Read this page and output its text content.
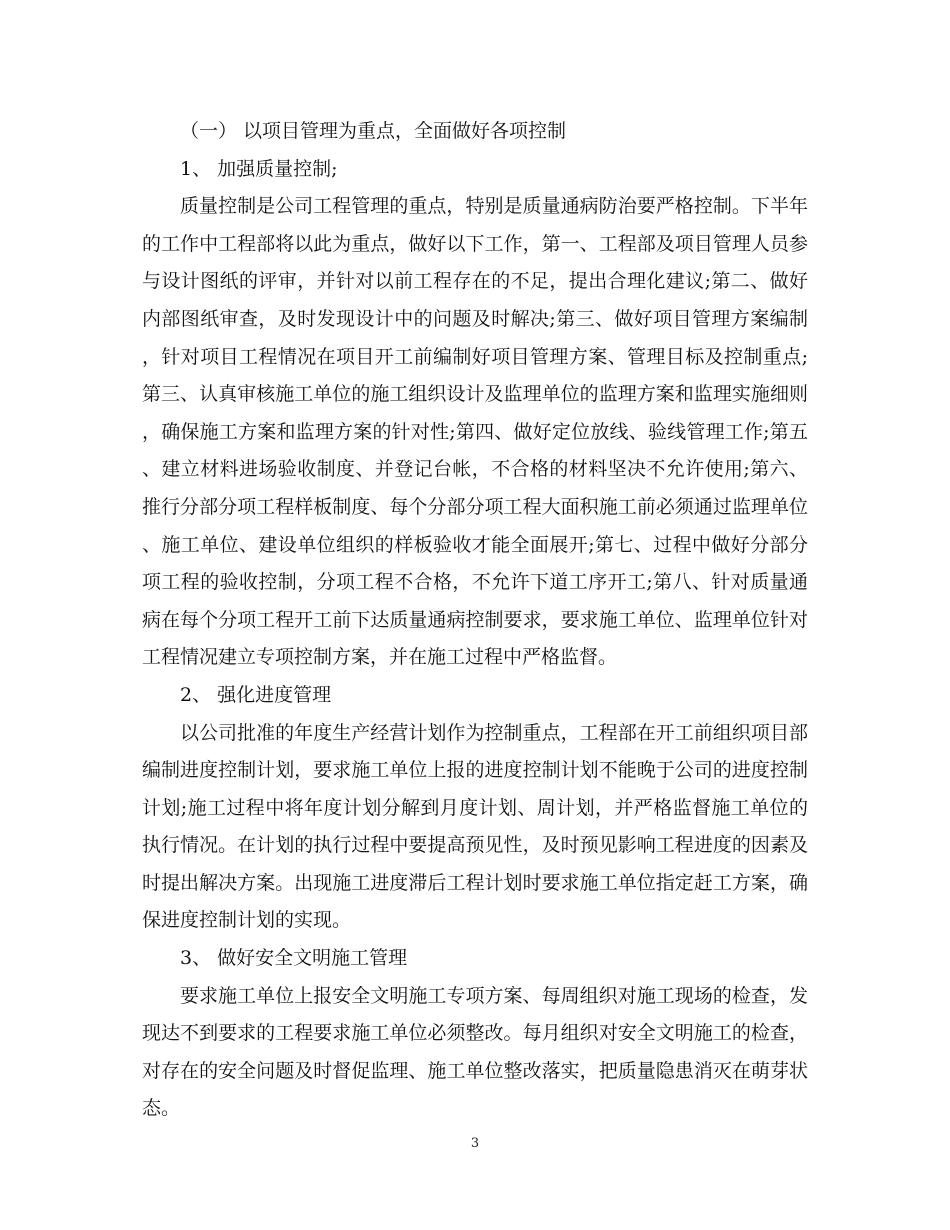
（一） 以项目管理为重点，全面做好各项控制

1、 加强质量控制;

质量控制是公司工程管理的重点，特别是质量通病防治要严格控制。下半年的工作中工程部将以此为重点，做好以下工作，第一、工程部及项目管理人员参与设计图纸的评审，并针对以前工程存在的不足，提出合理化建议;第二、做好内部图纸审查，及时发现设计中的问题及时解决;第三、做好项目管理方案编制，针对项目工程情况在项目开工前编制好项目管理方案、管理目标及控制重点;第三、认真审核施工单位的施工组织设计及监理单位的监理方案和监理实施细则，确保施工方案和监理方案的针对性;第四、做好定位放线、验线管理工作;第五、建立材料进场验收制度、并登记台帐，不合格的材料坚决不允许使用;第六、推行分部分项工程样板制度、每个分部分项工程大面积施工前必须通过监理单位、施工单位、建设单位组织的样板验收才能全面展开;第七、过程中做好分部分项工程的验收控制，分项工程不合格，不允许下道工序开工;第八、针对质量通病在每个分项工程开工前下达质量通病控制要求，要求施工单位、监理单位针对工程情况建立专项控制方案，并在施工过程中严格监督。

2、 强化进度管理

以公司批准的年度生产经营计划作为控制重点，工程部在开工前组织项目部编制进度控制计划，要求施工单位上报的进度控制计划不能晚于公司的进度控制计划;施工过程中将年度计划分解到月度计划、周计划，并严格监督施工单位的执行情况。在计划的执行过程中要提高预见性，及时预见影响工程进度的因素及时提出解决方案。出现施工进度滞后工程计划时要求施工单位指定赶工方案，确保进度控制计划的实现。

3、 做好安全文明施工管理

要求施工单位上报安全文明施工专项方案、每周组织对施工现场的检查，发现达不到要求的工程要求施工单位必须整改。每月组织对安全文明施工的检查，对存在的安全问题及时督促监理、施工单位整改落实，把质量隐患消灭在萌芽状态。

3
